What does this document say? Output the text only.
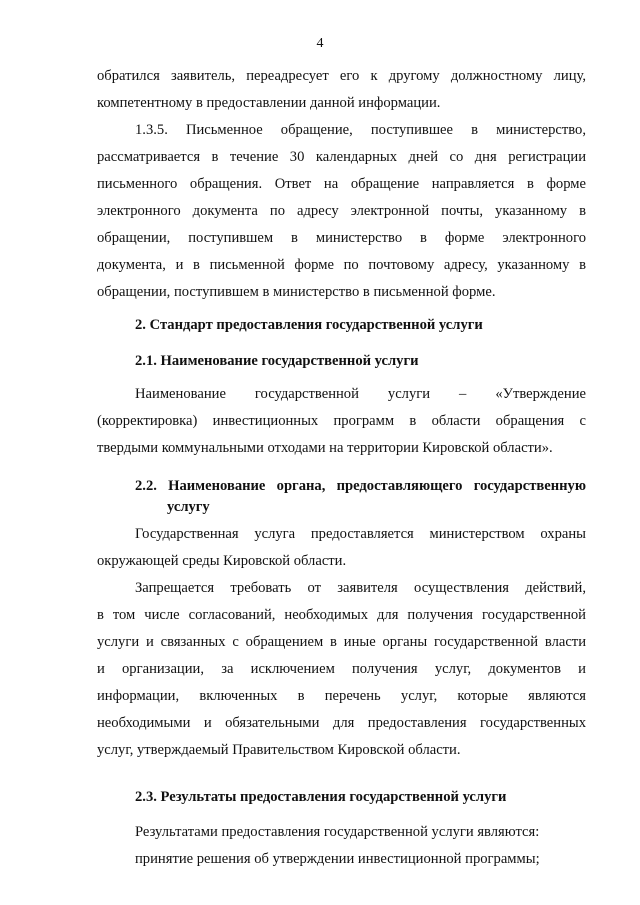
4
обратился заявитель, переадресует его к другому должностному лицу,
компетентному в предоставлении данной информации.
1.3.5. Письменное обращение, поступившее в министерство,
рассматривается в течение 30 календарных дней со дня регистрации
письменного обращения. Ответ на обращение направляется в форме
электронного документа по адресу электронной почты, указанному в
обращении, поступившем в министерство в форме электронного
документа, и в письменной форме по почтовому адресу, указанному в
обращении, поступившем в министерство в письменной форме.
2. Стандарт предоставления государственной услуги
2.1. Наименование государственной услуги
Наименование государственной услуги – «Утверждение
(корректировка) инвестиционных программ в области обращения с
твердыми коммунальными отходами на территории Кировской области».
2.2. Наименование органа, предоставляющего государственную
услугу
Государственная услуга предоставляется министерством охраны
окружающей среды Кировской области.
Запрещается требовать от заявителя осуществления действий,
в том числе согласований, необходимых для получения государственной
услуги и связанных с обращением в иные органы государственной власти
и организации, за исключением получения услуг, документов и
информации, включенных в перечень услуг, которые являются
необходимыми и обязательными для предоставления государственных
услуг, утверждаемый Правительством Кировской области.
2.3. Результаты предоставления государственной услуги
Результатами предоставления государственной услуги являются:
принятие решения об утверждении инвестиционной программы;
